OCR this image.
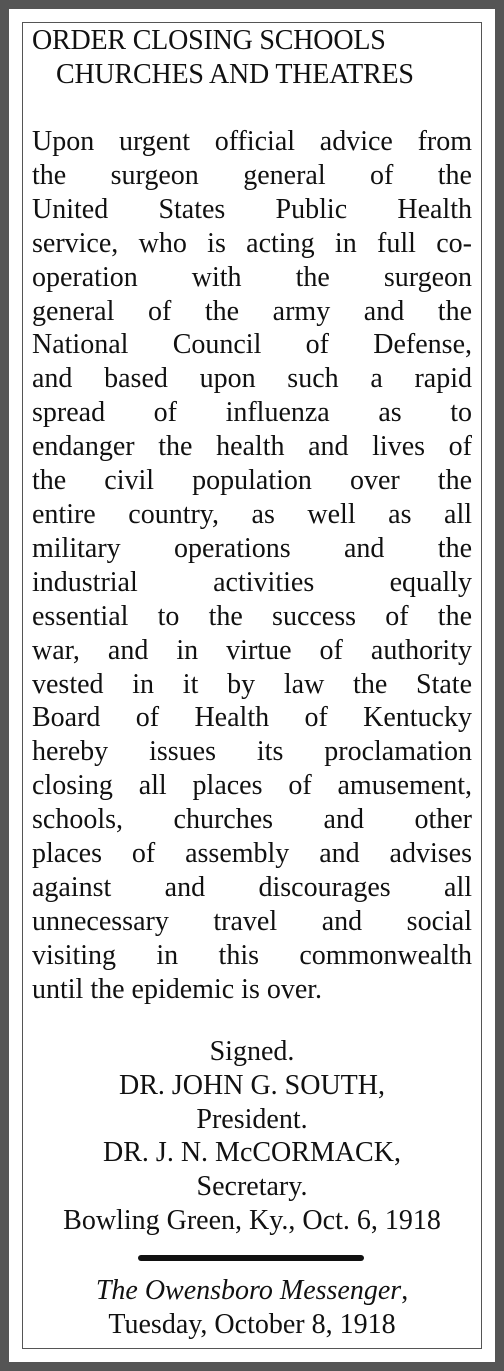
ORDER CLOSING SCHOOLS
CHURCHES AND THEATRES
Upon urgent official advice from
the surgeon general of the
United States Public Health
service, who is acting in full co-
operation with the surgeon
general of the army and the
National Council of Defense,
and based upon such a rapid
spread of influenza as to
endanger the health and lives of
the civil population over the
entire country, as well as all
military operations and the
industrial activities equally
essential to the success of the
war, and in virtue of authority
vested in it by law the State
Board of Health of Kentucky
hereby issues its proclamation
closing all places of amusement,
schools, churches and other
places of assembly and advises
against and discourages all
unnecessary travel and social
visiting in this commonwealth
until the epidemic is over.
Signed.
DR. JOHN G. SOUTH,
President.
DR. J. N. McCORMACK,
Secretary.
Bowling Green, Ky., Oct. 6, 1918
The Owensboro Messenger,
Tuesday, October 8, 1918
